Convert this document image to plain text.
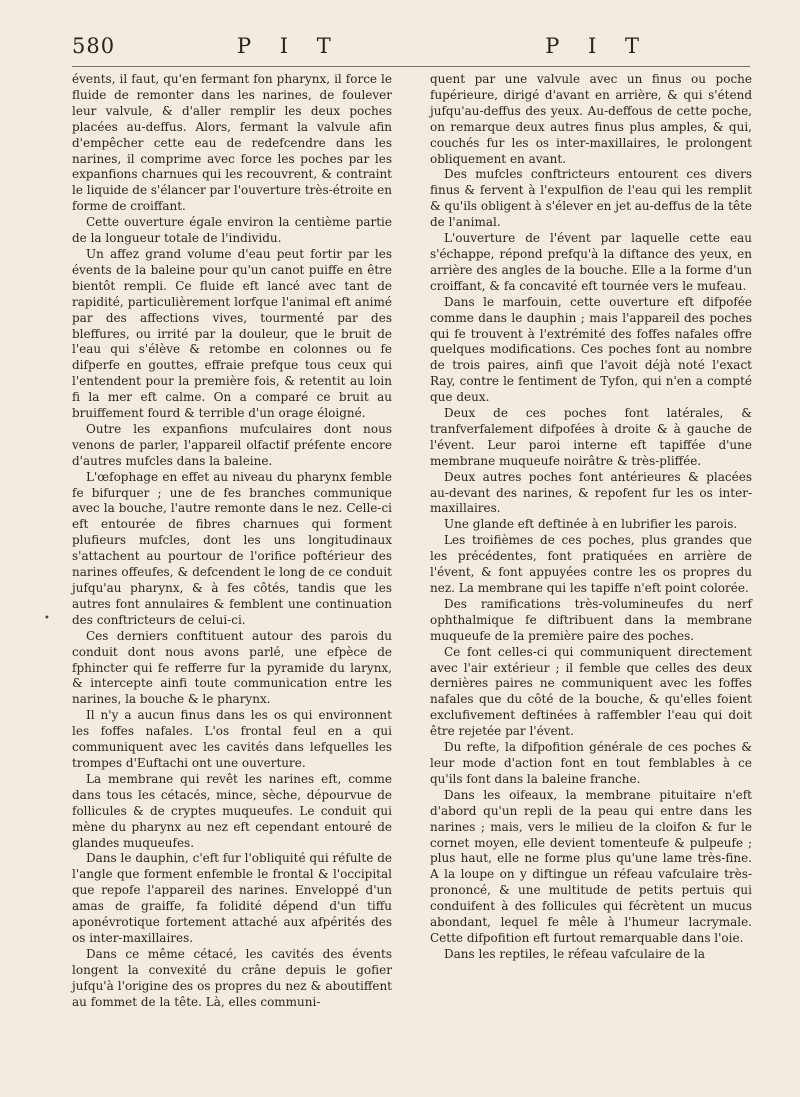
580	P I T	P I T

évents, il faut, qu'en fermant fon pharynx, il force le fluide de remonter dans les narines, de foulever leur valvule, & d'aller remplir les deux poches placées au-deffus. Alors, fermant la valvule afin d'empêcher cette eau de redefcendre dans les narines, il comprime avec force les poches par les expanfions charnues qui les recouvrent, & contraint le liquide de s'élancer par l'ouverture très-étroite en forme de croiffant.

Cette ouverture égale environ la centième partie de la longueur totale de l'individu.

Un affez grand volume d'eau peut fortir par les évents de la baleine pour qu'un canot puiffe en être bientôt rempli. Ce fluide eft lancé avec tant de rapidité, particulièrement lorfque l'animal eft animé par des affections vives, tourmenté par des bleffures, ou irrité par la douleur, que le bruit de l'eau qui s'élève & retombe en colonnes ou fe difperfe en gouttes, effraie prefque tous ceux qui l'entendent pour la première fois, & retentit au loin fi la mer eft calme. On a comparé ce bruit au bruiffement fourd & terrible d'un orage éloigné.

Outre les expanfions mufculaires dont nous venons de parler, l'appareil olfactif préfente encore d'autres mufcles dans la baleine.

L'œfophage en effet au niveau du pharynx femble fe bifurquer ; une de fes branches communique avec la bouche, l'autre remonte dans le nez. Celle-ci eft entourée de fibres charnues qui forment plufieurs mufcles, dont les uns longitudinaux s'attachent au pourtour de l'orifice poftérieur des narines offeufes, & defcendent le long de ce conduit jufqu'au pharynx, & à fes côtés, tandis que les autres font annulaires & femblent une continuation des conftricteurs de celui-ci.

Ces derniers conftituent autour des parois du conduit dont nous avons parlé, une efpèce de fphincter qui fe refferre fur la pyramide du larynx, & intercepte ainfi toute communication entre les narines, la bouche & le pharynx.

Il n'y a aucun finus dans les os qui environnent les foffes nafales. L'os frontal feul en a qui communiquent avec les cavités dans lefquelles les trompes d'Euftachi ont une ouverture.

La membrane qui revêt les narines eft, comme dans tous les cétacés, mince, sèche, dépourvue de follicules & de cryptes muqueufes. Le conduit qui mène du pharynx au nez eft cependant entouré de glandes muqueufes.

Dans le dauphin, c'eft fur l'obliquité qui réfulte de l'angle que forment enfemble le frontal & l'occipital que repofe l'appareil des narines. Enveloppé d'un amas de graiffe, fa folidité dépend d'un tiffu aponévrotique fortement attaché aux afpérités des os inter-maxillaires.

Dans ce même cétacé, les cavités des évents longent la convexité du crâne depuis le gofier jufqu'à l'origine des os propres du nez & aboutiffent au fommet de la tête. Là, elles communi-

quent par une valvule avec un finus ou poche fupérieure, dirigé d'avant en arrière, & qui s'étend jufqu'au-deffus des yeux. Au-deffous de cette poche, on remarque deux autres finus plus amples, & qui, couchés fur les os inter-maxillaires, le prolongent obliquement en avant.

Des mufcles conftricteurs entourent ces divers finus & fervent à l'expulfion de l'eau qui les remplit & qu'ils obligent à s'élever en jet au-deffus de la tête de l'animal.

L'ouverture de l'évent par laquelle cette eau s'échappe, répond prefqu'à la diftance des yeux, en arrière des angles de la bouche. Elle a la forme d'un croiffant, & fa concavité eft tournée vers le mufeau.

Dans le marfouin, cette ouverture eft difpofée comme dans le dauphin ; mais l'appareil des poches qui fe trouvent à l'extrémité des foffes nafales offre quelques modifications. Ces poches font au nombre de trois paires, ainfi que l'avoit déjà noté l'exact Ray, contre le fentiment de Tyfon, qui n'en a compté que deux.

Deux de ces poches font latérales, & tranfverfalement difpofées à droite & à gauche de l'évent. Leur paroi interne eft tapiffée d'une membrane muqueufe noirâtre & très-pliffée.

Deux autres poches font antérieures & placées au-devant des narines, & repofent fur les os inter-maxillaires.

Une glande eft deftinée à en lubrifier les parois.

Les troifièmes de ces poches, plus grandes que les précédentes, font pratiquées en arrière de l'évent, & font appuyées contre les os propres du nez. La membrane qui les tapiffe n'eft point colorée.

Des ramifications très-volumineufes du nerf ophthalmique fe diftribuent dans la membrane muqueufe de la première paire des poches.

Ce font celles-ci qui communiquent directement avec l'air extérieur ; il femble que celles des deux dernières paires ne communiquent avec les foffes nafales que du côté de la bouche, & qu'elles foient exclufivement deftinées à raffembler l'eau qui doit être rejetée par l'évent.

Du refte, la difpofition générale de ces poches & leur mode d'action font en tout femblables à ce qu'ils font dans la baleine franche.

Dans les oifeaux, la membrane pituitaire n'eft d'abord qu'un repli de la peau qui entre dans les narines ; mais, vers le milieu de la cloifon & fur le cornet moyen, elle devient tomenteufe & pulpeufe ; plus haut, elle ne forme plus qu'une lame très-fine. A la loupe on y diftingue un réfeau vafculaire très-prononcé, & une multitude de petits pertuis qui conduifent à des follicules qui fécrètent un mucus abondant, lequel fe mêle à l'humeur lacrymale. Cette difpofition eft furtout remarquable dans l'oie.

Dans les reptiles, le réfeau vafculaire de la

•
